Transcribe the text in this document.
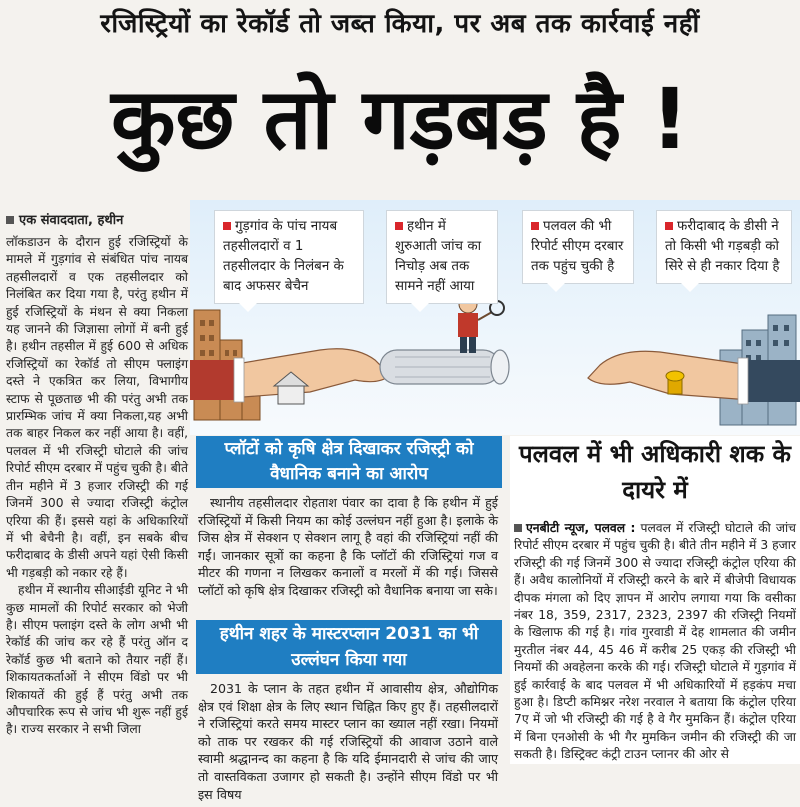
रजिस्ट्रियों का रेकॉर्ड तो जब्त किया, पर अब तक कार्रवाई नहीं
कुछ तो गड़बड़ है !
गुड़गांव के पांच नायब तहसीलदारों व 1 तहसीलदार के निलंबन के बाद अफसर बेचैन
हथीन में शुरुआती जांच का निचोड़ अब तक सामने नहीं आया
पलवल की भी रिपोर्ट सीएम दरबार तक पहुंच चुकी है
फरीदाबाद के डीसी ने तो किसी भी गड़बड़ी को सिरे से ही नकार दिया है
एक संवाददाता, हथीन

लॉकडाउन के दौरान हुई रजिस्ट्रियों के मामले में गुड़गांव से संबंधित पांच नायब तहसीलदारों व एक तहसीलदार को निलंबित कर दिया गया है, परंतु हथीन में हुई रजिस्ट्रियों के मंथन से क्या निकला यह जानने की जिज्ञासा लोगों में बनी हुई है। हथीन तहसील में हुई 600 से अधिक रजिस्ट्रियों का रेकॉर्ड तो सीएम फ्लाइंग दस्ते ने एकत्रित कर लिया, विभागीय स्टाफ से पूछताछ भी की परंतु अभी तक प्रारम्भिक जांच में क्या निकला,यह अभी तक बाहर निकल कर नहीं आया है। वहीं, पलवल में भी रजिस्ट्री घोटाले की जांच रिपोर्ट सीएम दरबार में पहुंच चुकी है। बीते तीन महीने में 3 हजार रजिस्ट्री की गई जिनमें 300 से ज्यादा रजिस्ट्री कंट्रोल एरिया की हैं। इससे यहां के अधिकारियों में भी बेचैनी है। वहीं, इन सबके बीच फरीदाबाद के डीसी अपने यहां ऐसी किसी भी गड़बड़ी को नकार रहे हैं।

हथीन में स्थानीय सीआईडी यूनिट ने भी कुछ मामलों की रिपोर्ट सरकार को भेजी है। सीएम फ्लाइंग दस्ते के लोग अभी भी रेकॉर्ड की जांच कर रहे हैं परंतु ऑन द रेकॉर्ड कुछ भी बताने को तैयार नहीं हैं। शिकायतकर्ताओं ने सीएम विंडो पर भी शिकायतें की हुई हैं परंतु अभी तक औपचारिक रूप से जांच भी शुरू नहीं हुई है। राज्य सरकार ने सभी जिला

प्लॉटों को कृषि क्षेत्र दिखाकर रजिस्ट्री को वैधानिक बनाने का आरोप

स्थानीय तहसीलदार रोहताश पंवार का दावा है कि हथीन में हुई रजिस्ट्रियों में किसी नियम का कोई उल्लंघन नहीं हुआ है। इलाके के जिस क्षेत्र में सेक्शन ए सेक्शन लागू है वहां की रजिस्ट्रियां नहीं की गईं। जानकार सूत्रों का कहना है कि प्लॉटों की रजिस्ट्रियां गज व मीटर की गणना न लिखकर कनालों व मरलों में की गई। जिससे प्लॉटों को कृषि क्षेत्र दिखाकर रजिस्ट्री को वैधानिक बनाया जा सके।

हथीन शहर के मास्टरप्लान 2031 का भी उल्लंघन किया गया

2031 के प्लान के तहत हथीन में आवासीय क्षेत्र, औद्योगिक क्षेत्र एवं शिक्षा क्षेत्र के लिए स्थान चिह्नित किए हुए हैं। तहसीलदारों ने रजिस्ट्रियां करते समय मास्टर प्लान का ख्याल नहीं रखा। नियमों को ताक पर रखकर की गई रजिस्ट्रियों की आवाज उठाने वाले स्वामी श्रद्धानन्द का कहना है कि यदि ईमानदारी से जांच की जाए तो वास्तविकता उजागर हो सकती है। उन्होंने सीएम विंडो पर भी इस विषय

पलवल में भी अधिकारी शक के दायरे में

एनबीटी न्यूज, पलवल : पलवल में रजिस्ट्री घोटाले की जांच रिपोर्ट सीएम दरबार में पहुंच चुकी है। बीते तीन महीने में 3 हजार रजिस्ट्री की गई जिनमें 300 से ज्यादा रजिस्ट्री कंट्रोल एरिया की हैं। अवैध कालोनियों में रजिस्ट्री करने के बारे में बीजेपी विधायक दीपक मंगला को दिए ज्ञापन में आरोप लगाया गया कि वसीका नंबर 18, 359, 2317, 2323, 2397 की रजिस्ट्री नियमों के खिलाफ की गई है। गांव गुरवाडी में देह शामलात की जमीन मुरतील नंबर 44, 45 46 में करीब 25 एकड़ की रजिस्ट्री भी नियमों की अवहेलना करके की गई। रजिस्ट्री घोटाले में गुड़गांव में हुई कार्रवाई के बाद पलवल में भी अधिकारियों में हड़कंप मचा हुआ है। डिप्टी कमिश्नर नरेश नरवाल ने बताया कि कंट्रोल एरिया 7ए में जो भी रजिस्ट्री की गई है वे गैर मुमकिन हैं। कंट्रोल एरिया में बिना एनओसी के भी गैर मुमकिन जमीन की रजिस्ट्री की जा सकती है। डिस्ट्रिक्ट कंट्री टाउन प्लानर की ओर से
